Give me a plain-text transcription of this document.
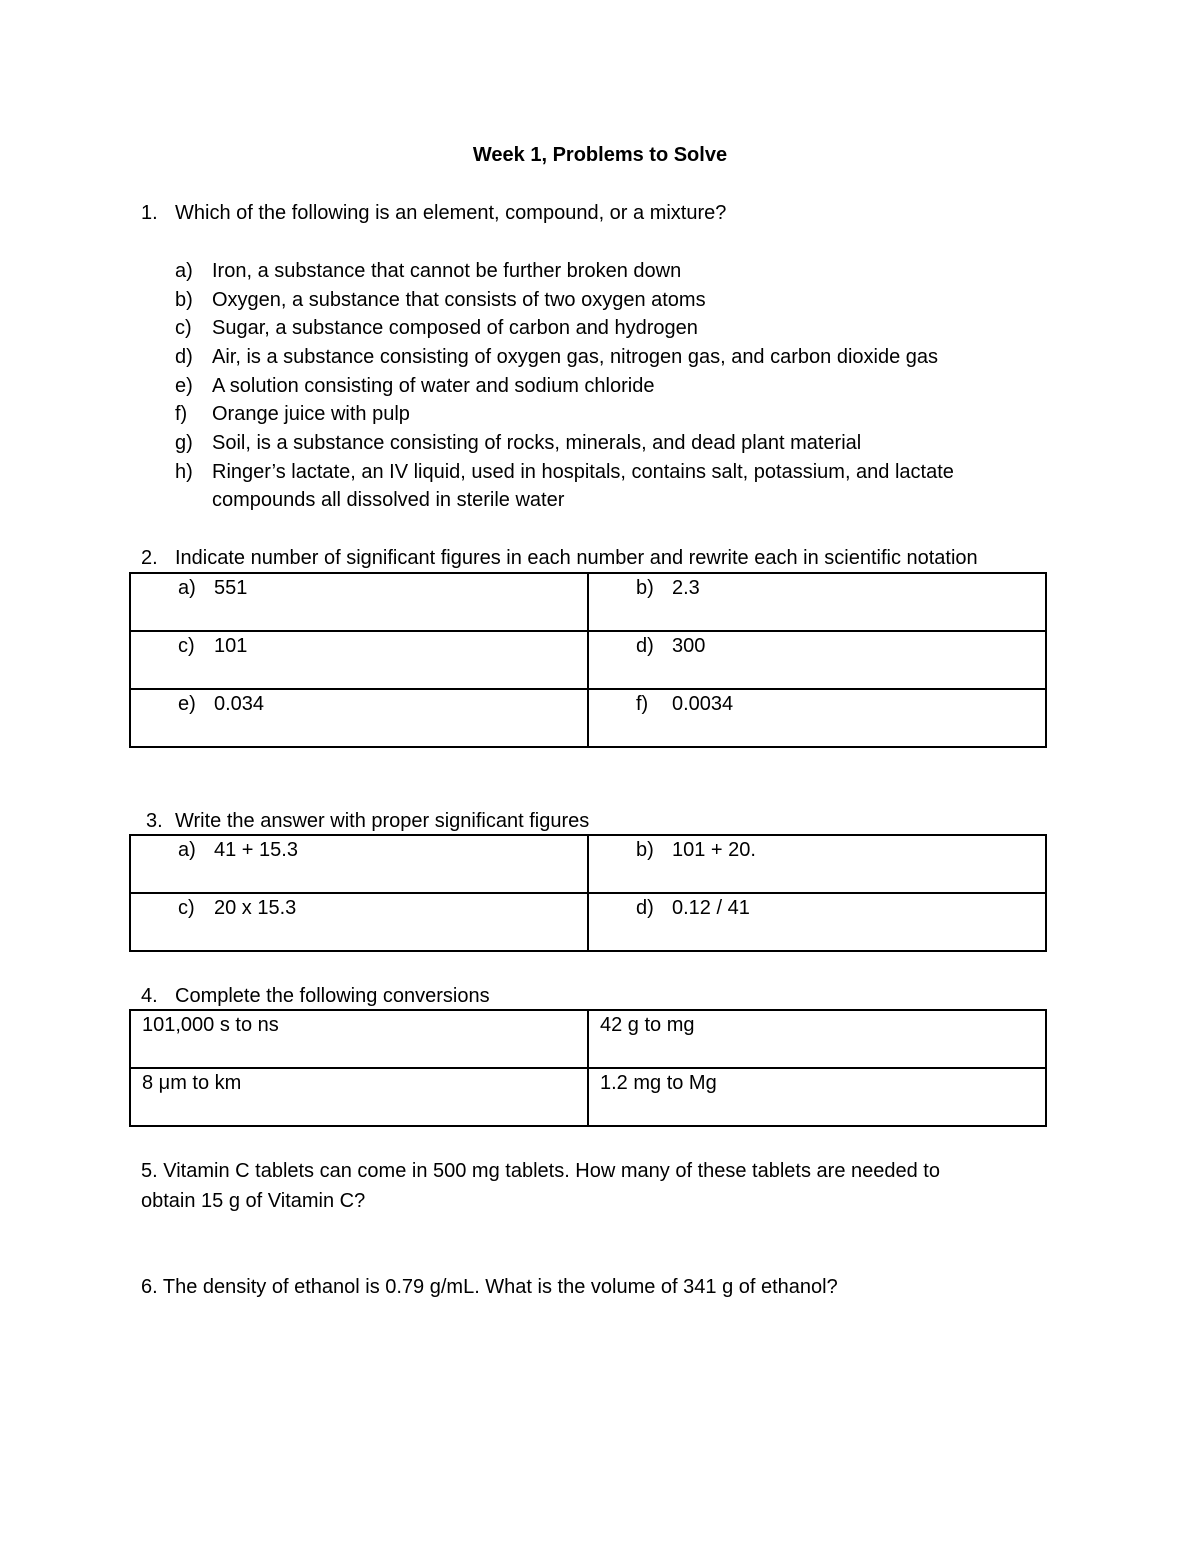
Week 1, Problems to Solve
1. Which of the following is an element, compound, or a mixture?
a) Iron, a substance that cannot be further broken down
b) Oxygen, a substance that consists of two oxygen atoms
c) Sugar, a substance composed of carbon and hydrogen
d) Air, is a substance consisting of oxygen gas, nitrogen gas, and carbon dioxide gas
e) A solution consisting of water and sodium chloride
f) Orange juice with pulp
g) Soil, is a substance consisting of rocks, minerals, and dead plant material
h) Ringer’s lactate, an IV liquid, used in hospitals, contains salt, potassium, and lactate
compounds all dissolved in sterile water
2. Indicate number of significant figures in each number and rewrite each in scientific notation
a) 551	b) 2.3

c) 101	d) 300

e) 0.034	f) 0.0034
3. Write the answer with proper significant figures
a) 41 + 15.3	b) 101 + 20.

c) 20 x 15.3	d) 0.12 / 41
4. Complete the following conversions
101,000 s to ns	42 g to mg

8 μm to km	1.2 mg to Mg
5. Vitamin C tablets can come in 500 mg tablets. How many of these tablets are needed to
obtain 15 g of Vitamin C?
6. The density of ethanol is 0.79 g/mL. What is the volume of 341 g of ethanol?
